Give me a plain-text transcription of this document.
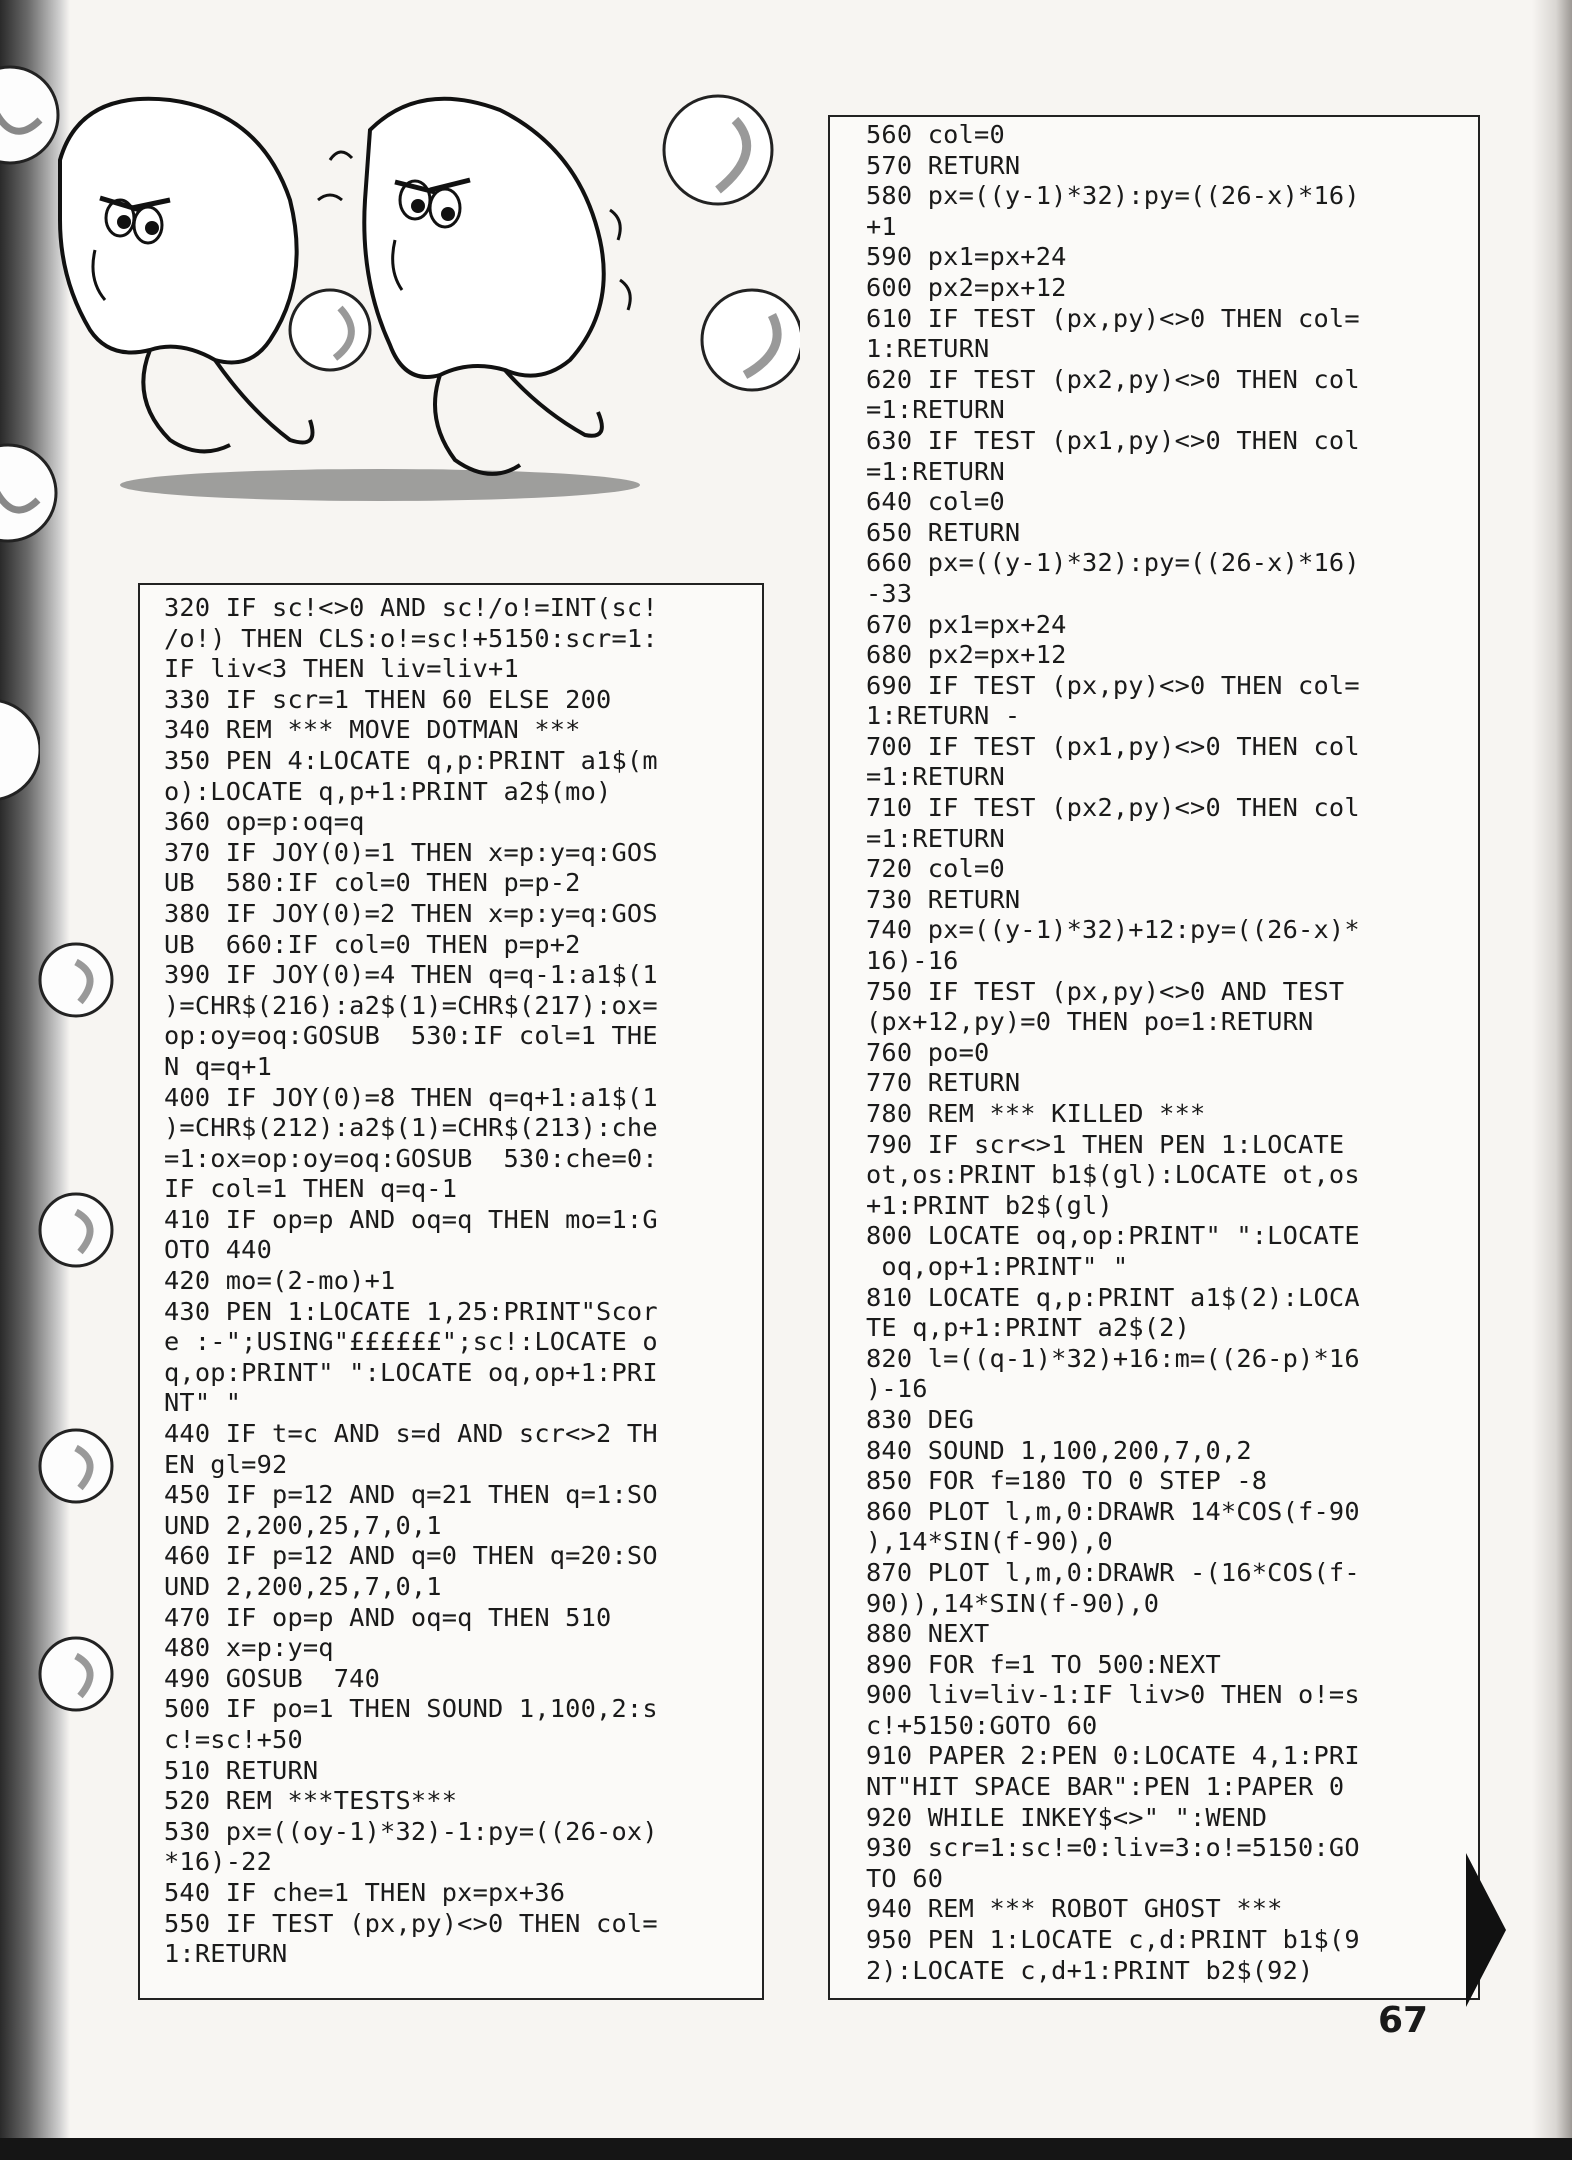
320 IF sc!<>0 AND sc!/o!=INT(sc!

/o!) THEN CLS:o!=sc!+5150:scr=1:

IF liv<3 THEN liv=liv+1

330 IF scr=1 THEN 60 ELSE 200

340 REM *** MOVE DOTMAN ***

350 PEN 4:LOCATE q,p:PRINT a1$(m

o):LOCATE q,p+1:PRINT a2$(mo)

360 op=p:oq=q

370 IF JOY(0)=1 THEN x=p:y=q:GOS

UB  580:IF col=0 THEN p=p-2

380 IF JOY(0)=2 THEN x=p:y=q:GOS

UB  660:IF col=0 THEN p=p+2

390 IF JOY(0)=4 THEN q=q-1:a1$(1

)=CHR$(216):a2$(1)=CHR$(217):ox=

op:oy=oq:GOSUB  530:IF col=1 THE

N q=q+1

400 IF JOY(0)=8 THEN q=q+1:a1$(1

)=CHR$(212):a2$(1)=CHR$(213):che

=1:ox=op:oy=oq:GOSUB  530:che=0:

IF col=1 THEN q=q-1

410 IF op=p AND oq=q THEN mo=1:G

OTO 440

420 mo=(2-mo)+1

430 PEN 1:LOCATE 1,25:PRINT"Scor

e :-";USING"££££££";sc!:LOCATE o

q,op:PRINT" ":LOCATE oq,op+1:PRI

NT" "

440 IF t=c AND s=d AND scr<>2 TH

EN gl=92

450 IF p=12 AND q=21 THEN q=1:SO

UND 2,200,25,7,0,1

460 IF p=12 AND q=0 THEN q=20:SO

UND 2,200,25,7,0,1

470 IF op=p AND oq=q THEN 510

480 x=p:y=q

490 GOSUB  740

500 IF po=1 THEN SOUND 1,100,2:s

c!=sc!+50

510 RETURN

520 REM ***TESTS***

530 px=((oy-1)*32)-1:py=((26-ox)

*16)-22

540 IF che=1 THEN px=px+36

550 IF TEST (px,py)<>0 THEN col=

1:RETURN

560 col=0

570 RETURN

580 px=((y-1)*32):py=((26-x)*16)

+1

590 px1=px+24

600 px2=px+12

610 IF TEST (px,py)<>0 THEN col=

1:RETURN

620 IF TEST (px2,py)<>0 THEN col

=1:RETURN

630 IF TEST (px1,py)<>0 THEN col

=1:RETURN

640 col=0

650 RETURN

660 px=((y-1)*32):py=((26-x)*16)

-33

670 px1=px+24

680 px2=px+12

690 IF TEST (px,py)<>0 THEN col=

1:RETURN -

700 IF TEST (px1,py)<>0 THEN col

=1:RETURN

710 IF TEST (px2,py)<>0 THEN col

=1:RETURN

720 col=0

730 RETURN

740 px=((y-1)*32)+12:py=((26-x)*

16)-16

750 IF TEST (px,py)<>0 AND TEST

(px+12,py)=0 THEN po=1:RETURN

760 po=0

770 RETURN

780 REM *** KILLED ***

790 IF scr<>1 THEN PEN 1:LOCATE

ot,os:PRINT b1$(gl):LOCATE ot,os

+1:PRINT b2$(gl)

800 LOCATE oq,op:PRINT" ":LOCATE

oq,op+1:PRINT" "

810 LOCATE q,p:PRINT a1$(2):LOCA

TE q,p+1:PRINT a2$(2)

820 l=((q-1)*32)+16:m=((26-p)*16

)-16

830 DEG

840 SOUND 1,100,200,7,0,2

850 FOR f=180 TO 0 STEP -8

860 PLOT l,m,0:DRAWR 14*COS(f-90

),14*SIN(f-90),0

870 PLOT l,m,0:DRAWR -(16*COS(f-

90)),14*SIN(f-90),0

880 NEXT

890 FOR f=1 TO 500:NEXT

900 liv=liv-1:IF liv>0 THEN o!=s

c!+5150:GOTO 60

910 PAPER 2:PEN 0:LOCATE 4,1:PRI

NT"HIT SPACE BAR":PEN 1:PAPER 0

920 WHILE INKEY$<>" ":WEND

930 scr=1:sc!=0:liv=3:o!=5150:GO

TO 60

940 REM *** ROBOT GHOST ***

950 PEN 1:LOCATE c,d:PRINT b1$(9

2):LOCATE c,d+1:PRINT b2$(92)

67
